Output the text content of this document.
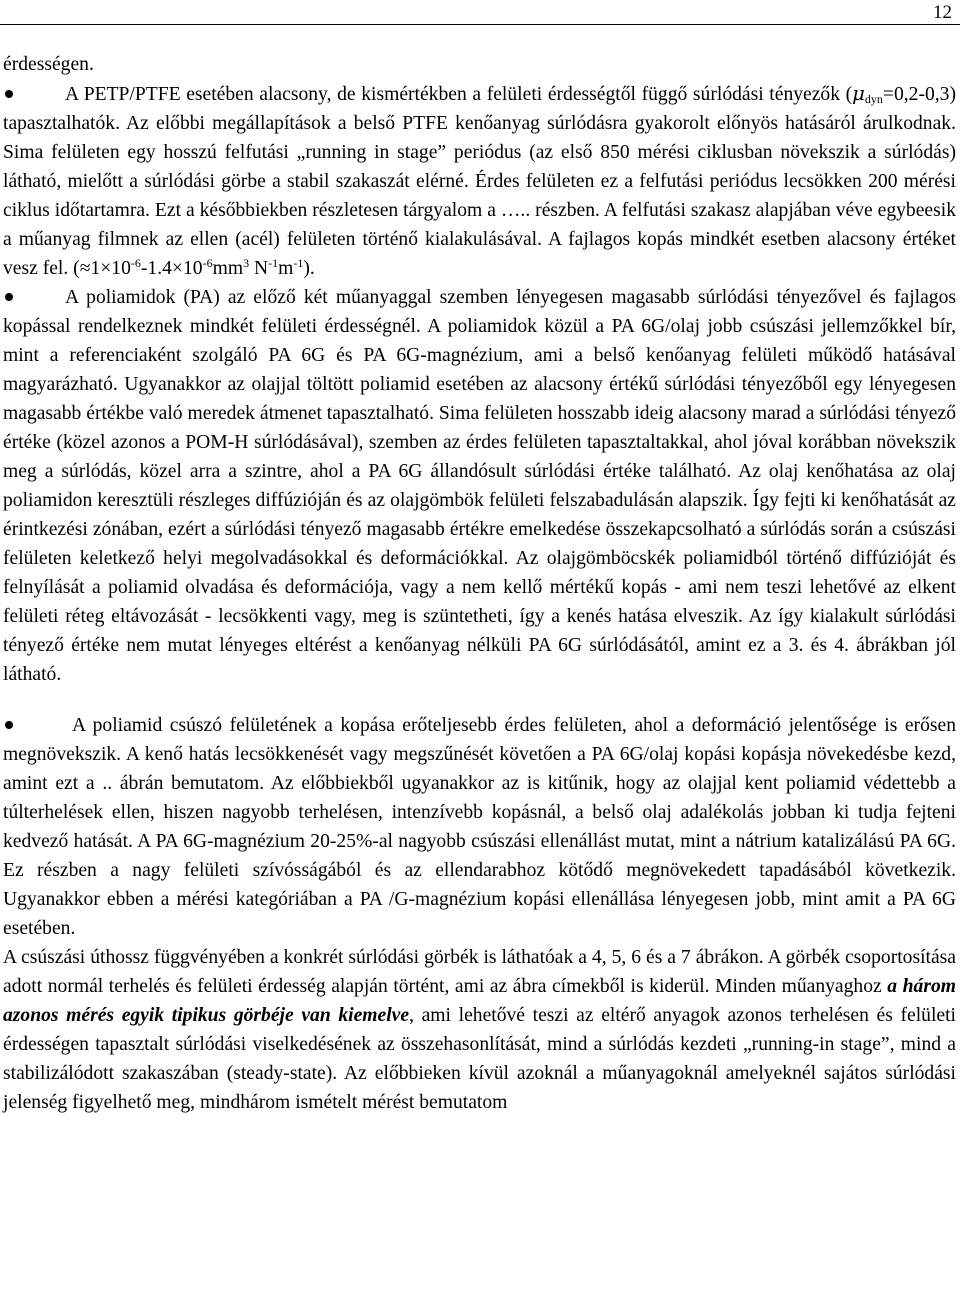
12

érdességen.

A PETP/PTFE esetében alacsony, de kismértékben a felületi érdességtől függő súrlódási tényezők $(\mu_{dyn}=0,2-0,3)$ tapasztalhatók. Az előbbi megállapítások a belső PTFE kenőanyag súrlódásra gyakorolt előnyös hatásáról árulkodnak. Sima felületen egy hosszú felfutási „running in stage” periódus (az első 850 mérési ciklusban növekszik a súrlódás) látható, mielőtt a súrlódási görbe a stabil szakaszát elérné. Érdes felületen ez a felfutási periódus lecsökken 200 mérési ciklus időtartamra. Ezt a későbbiekben részletesen tárgyalom a ….. részben. A felfutási szakasz alapjában véve egybeesik a műanyag filmnek az ellen (acél) felületen történő kialakulásával. A fajlagos kopás mindkét esetben alacsony értéket vesz fel. ($\approx 1\times 10^{-6}-1.4\times 10^{-6}mm^3$ $N^{-1}m^{-1}$).

A poliamidok (PA) az előző két műanyaggal szemben lényegesen magasabb súrlódási tényezővel és fajlagos kopással rendelkeznek mindkét felületi érdességnél. A poliamidok közül a PA 6G/olaj jobb csúszási jellemzőkkel bír, mint a referenciaként szolgáló PA 6G és PA 6G-magnézium, ami a belső kenőanyag felületi működő hatásával magyarázható. Ugyanakkor az olajjal töltött poliamid esetében az alacsony értékű súrlódási tényezőből egy lényegesen magasabb értékbe való meredek átmenet tapasztalható. Sima felületen hosszabb ideig alacsony marad a súrlódási tényező értéke (közel azonos a POM-H súrlódásával), szemben az érdes felületen tapasztaltakkal, ahol jóval korábban növekszik meg a súrlódás, közel arra a szintre, ahol a PA 6G állandósult súrlódási értéke található. Az olaj kenőhatása az olaj poliamidon keresztüli részleges diffúzióján és az olajgömbök felületi felszabadulásán alapszik. Így fejti ki kenőhatását az érintkezési zónában, ezért a súrlódási tényező magasabb értékre emelkedése összekapcsolható a súrlódás során a csúszási felületen keletkező helyi megolvadásokkal és deformációkkal. Az olajgömböcskék poliamidból történő diffúzióját és felnyílását a poliamid olvadása és deformációja, vagy a nem kellő mértékű kopás - ami nem teszi lehetővé az elkent felületi réteg eltávozását - lecsökkenti vagy, meg is szüntetheti, így a kenés hatása elveszik. Az így kialakult súrlódási tényező értéke nem mutat lényeges eltérést a kenőanyag nélküli PA 6G súrlódásától, amint ez a 3. és 4. ábrákban jól látható.

A poliamid csúszó felületének a kopása erőteljesebb érdes felületen, ahol a deformáció jelentősége is erősen megnövekszik. A kenő hatás lecsökkenését vagy megszűnését követően a PA 6G/olaj kopási kopásja növekedésbe kezd, amint ezt a .. ábrán bemutatom. Az előbbiekből ugyanakkor az is kitűnik, hogy az olajjal kent poliamid védettebb a túlterhelések ellen, hiszen nagyobb terhelésen, intenzívebb kopásnál, a belső olaj adalékolás jobban ki tudja fejteni kedvező hatását. A PA 6G-magnézium 20-25%-al nagyobb csúszási ellenállást mutat, mint a nátrium katalizálású PA 6G. Ez részben a nagy felületi szívósságából és az ellendarabhoz kötődő megnövekedett tapadásából következik. Ugyanakkor ebben a mérési kategóriában a PA /G-magnézium kopási ellenállása lényegesen jobb, mint amit a PA 6G esetében.

A csúszási úthossz függvényében a konkrét súrlódási görbék is láthatóak a 4, 5, 6 és a 7 ábrákon. A görbék csoportosítása adott normál terhelés és felületi érdesség alapján történt, ami az ábra címekből is kiderül. Minden műanyaghoz a három azonos mérés egyik tipikus görbéje van kiemelve, ami lehetővé teszi az eltérő anyagok azonos terhelésen és felületi érdességen tapasztalt súrlódási viselkedésének az összehasonlítását, mind a súrlódás kezdeti „running-in stage”, mind a stabilizálódott szakaszában (steady-state). Az előbbieken kívül azoknál a műanyagoknál amelyeknél sajátos súrlódási jelenség figyelhető meg, mindhárom ismételt mérést bemutatom
